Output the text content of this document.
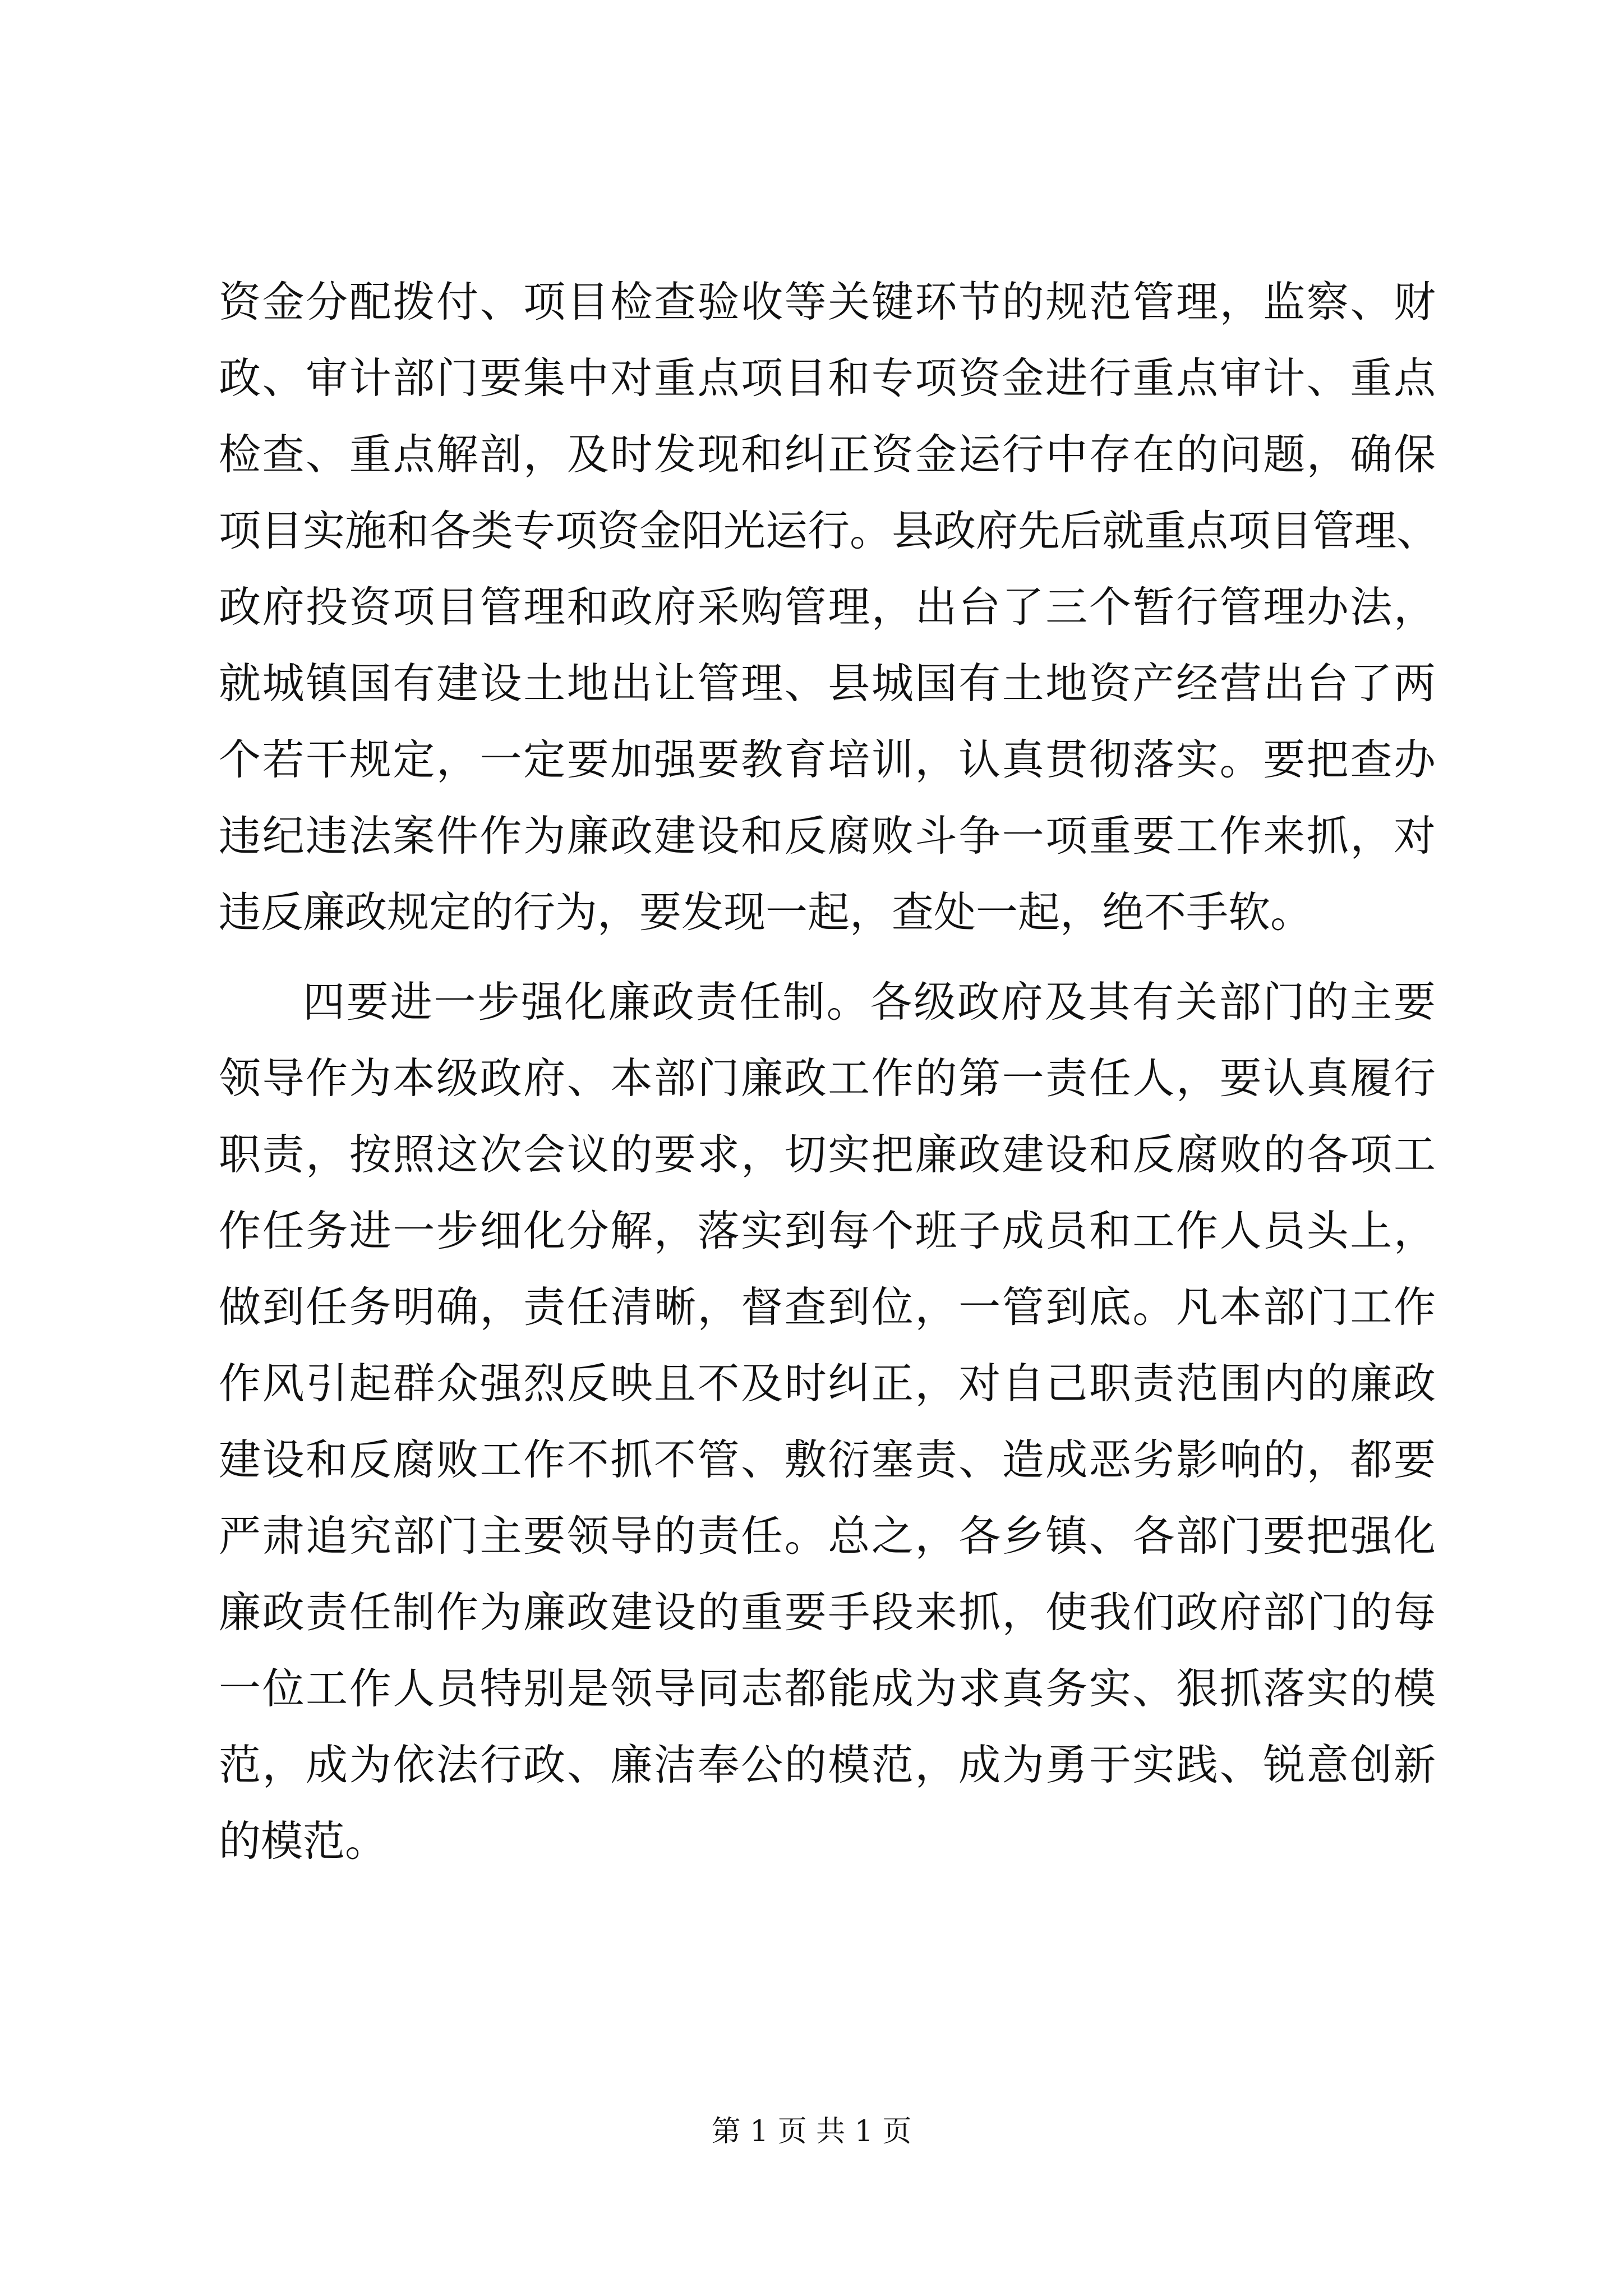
资金分配拨付、项目检查验收等关键环节的规范管理，监察、财
政、审计部门要集中对重点项目和专项资金进行重点审计、重点
检查、重点解剖，及时发现和纠正资金运行中存在的问题，确保
项目实施和各类专项资金阳光运行。县政府先后就重点项目管理、
政府投资项目管理和政府采购管理，出台了三个暂行管理办法，
就城镇国有建设土地出让管理、县城国有土地资产经营出台了两
个若干规定，一定要加强要教育培训，认真贯彻落实。要把查办
违纪违法案件作为廉政建设和反腐败斗争一项重要工作来抓，对
违反廉政规定的行为，要发现一起，查处一起，绝不手软。
四要进一步强化廉政责任制。各级政府及其有关部门的主要
领导作为本级政府、本部门廉政工作的第一责任人，要认真履行
职责，按照这次会议的要求，切实把廉政建设和反腐败的各项工
作任务进一步细化分解，落实到每个班子成员和工作人员头上，
做到任务明确，责任清晰，督查到位，一管到底。凡本部门工作
作风引起群众强烈反映且不及时纠正，对自己职责范围内的廉政
建设和反腐败工作不抓不管、敷衍塞责、造成恶劣影响的，都要
严肃追究部门主要领导的责任。总之，各乡镇、各部门要把强化
廉政责任制作为廉政建设的重要手段来抓，使我们政府部门的每
一位工作人员特别是领导同志都能成为求真务实、狠抓落实的模
范，成为依法行政、廉洁奉公的模范，成为勇于实践、锐意创新
的模范。
第 1 页 共 1 页
